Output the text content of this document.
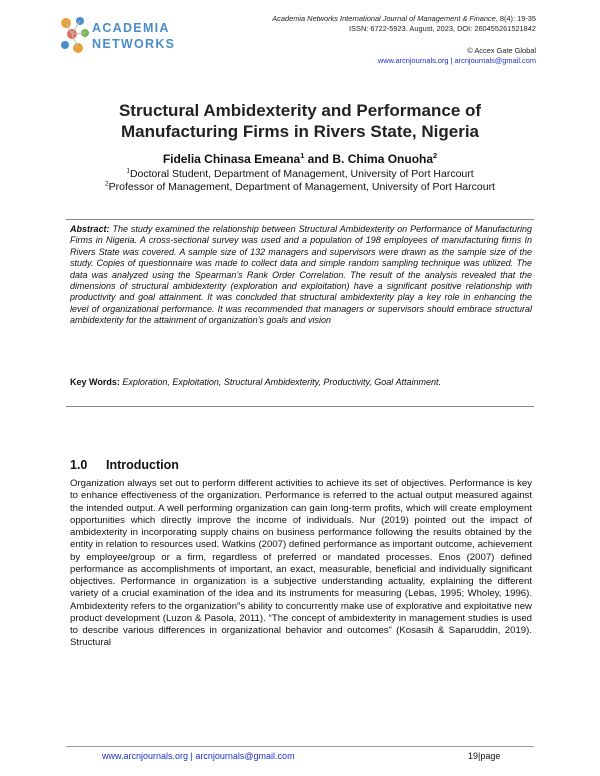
ACADEMIA
NETWORKS
Academia Networks International Journal of Management & Finance, 8(4): 19-35
ISSN: 6722-5923. August, 2023, DOI: 260455261521842
© Accex Gate Global
www.arcnjournals.org | arcnjournals@gmail.com
Structural Ambidexterity and Performance of
Manufacturing Firms in Rivers State, Nigeria
Fidelia Chinasa Emeana$^1$ and B. Chima Onuoha$^2$
$^1$Doctoral Student, Department of Management, University of Port Harcourt
$^2$Professor of Management, Department of Management, University of Port Harcourt
Abstract: The study examined the relationship between Structural Ambidexterity on Performance of Manufacturing Firms in Nigeria. A cross-sectional survey was used and a population of 198 employees of manufacturing firms In Rivers State was covered. A sample size of 132 managers and supervisors were drawn as the sample size of the study. Copies of questionnaire was made to collect data and simple random sampling technique was utilized. The data was analyzed using the Spearman’s Rank Order Correlation. The result of the analysis revealed that the dimensions of structural ambidexterity (exploration and exploitation) have a significant positive relationship with productivity and goal attainment. It was concluded that structural ambidexterity play a key role in enhancing the level of organizational performance. It was recommended that managers or supervisors should embrace structural ambidexterity for the attainment of organization’s goals and vision
Key Words: Exploration, Exploitation, Structural Ambidexterity, Productivity, Goal Attainment.
1.0 Introduction
Organization always set out to perform different activities to achieve its set of objectives. Performance is key to enhance effectiveness of the organization. Performance is referred to the actual output measured against the intended output. A well performing organization can gain long-term profits, which will create employment opportunities which directly improve the income of individuals. Nur (2019) pointed out the impact of ambidexterity in incorporating supply chains on business performance following the results obtained by the entity in relation to resources used. Watkins (2007) defined performance as important outcome, achievement by employee/group or a firm, regardless of preferred or mandated processes. Enos (2007) defined performance as accomplishments of important, an exact, measurable, beneficial and individually significant objectives. Performance in organization is a subjective understanding actuality, explaining the different variety of a crucial examination of the idea and its instruments for measuring (Lebas, 1995; Wholey, 1996). Ambidexterity refers to the organization"s ability to concurrently make use of explorative and exploitative new product development (Luzon & Pasola, 2011). “The concept of ambidexterity in management studies is used to describe various differences in organizational behavior and outcomes” (Kosasih & Saparuddin, 2019). Structural
www.arcnjournals.org | arcnjournals@gmail.com	19|page
